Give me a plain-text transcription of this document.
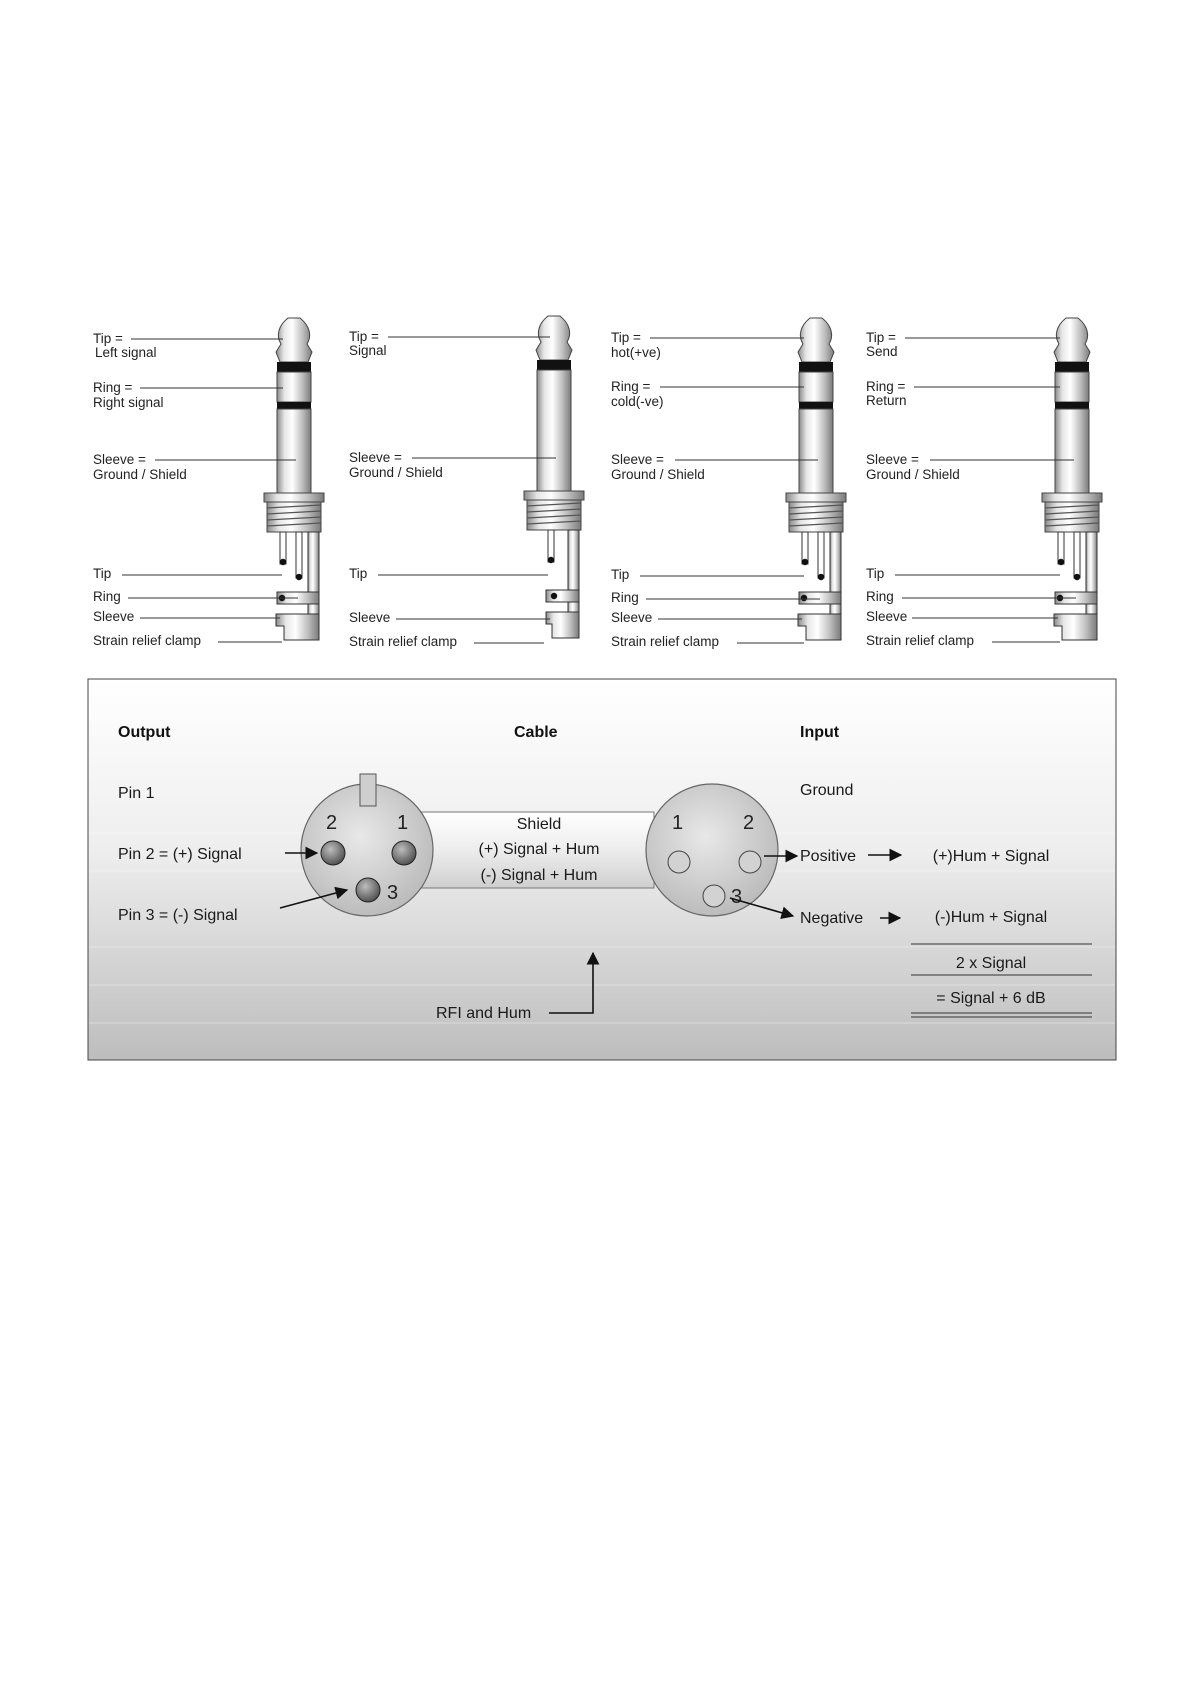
Tip =
Left signal
Ring =
Right signal
Sleeve =
Ground / Shield
Tip
Ring
Sleeve
Strain relief clamp
Tip =
Signal
Sleeve =
Ground / Shield
Tip
Sleeve
Strain relief clamp
Tip =
hot(+ve)
Ring =
cold(-ve)
Sleeve =
Ground / Shield
Tip
Ring
Sleeve
Strain relief clamp
Tip =
Send
Ring =
Return
Sleeve =
Ground / Shield
Tip
Ring
Sleeve
Strain relief clamp
Output	Cable	Input
Pin 1
Pin 2 = (+) Signal
Pin 3 = (-) Signal
Shield
(+) Signal + Hum
(-) Signal + Hum
2	1
3
1	2
3
Ground
Positive
Negative
(+)Hum + Signal
(-)Hum + Signal
2 x Signal
= Signal + 6 dB
RFI and Hum
